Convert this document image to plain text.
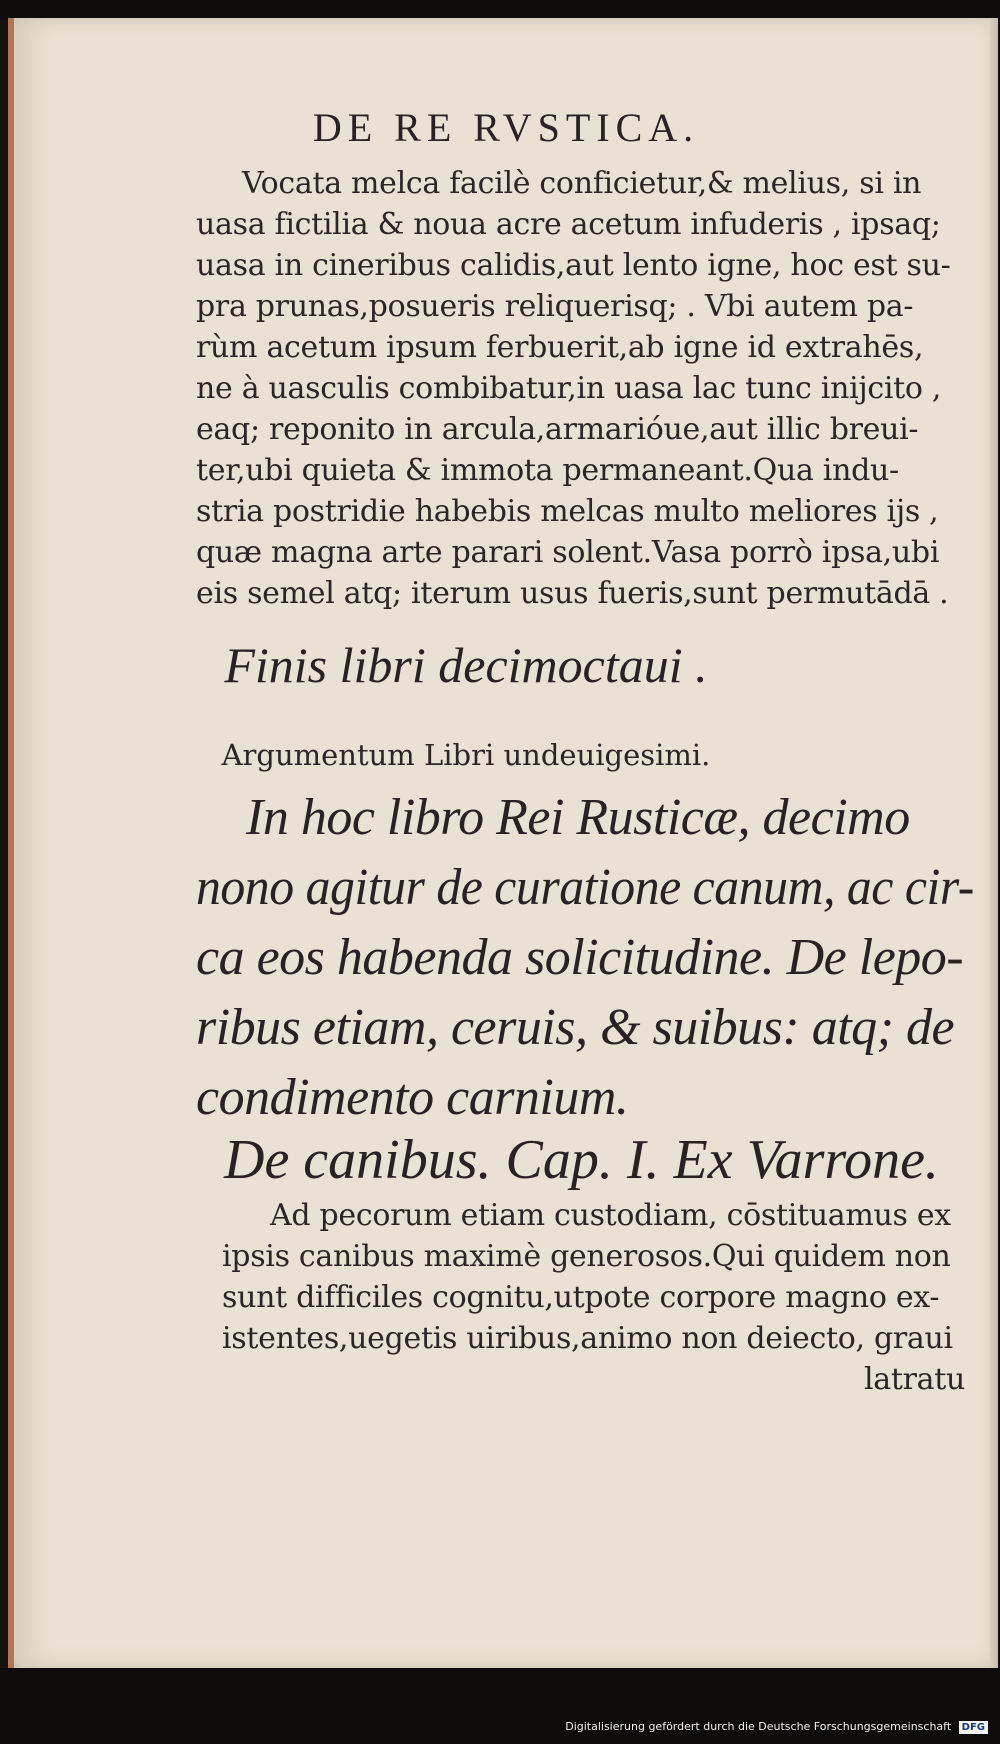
DE RE RVSTICA.
Vocata melca facilè conficietur,& melius, si in
uasa fictilia & noua acre acetum infuderis , ipsaq;
uasa in cineribus calidis,aut lento igne, hoc est su-
pra prunas,posueris reliquerisq; . Vbi autem pa-
rùm acetum ipsum ferbuerit,ab igne id extrahēs,
ne à uasculis combibatur,in uasa lac tunc inijcito ,
eaq; reponito in arcula,armarióue,aut illic breui-
ter,ubi quieta & immota permaneant.Qua indu-
stria postridie habebis melcas multo meliores ijs ,
quæ magna arte parari solent.Vasa porrò ipsa,ubi
eis semel atq; iterum usus fueris,sunt permutādā .
Finis libri decimoctaui .
Argumentum Libri undeuigesimi.
In hoc libro Rei Rusticæ, decimo
nono agitur de curatione canum, ac cir-
ca eos habenda solicitudine. De lepo-
ribus etiam, ceruis, & suibus: atq; de
condimento carnium.
De canibus. Cap. I. Ex Varrone.
Ad pecorum etiam custodiam, cōstituamus ex
ipsis canibus maximè generosos.Qui quidem non
sunt difficiles cognitu,utpote corpore magno ex-
istentes,uegetis uiribus,animo non deiecto, graui
latratu
Digitalisierung gefördert durch die Deutsche Forschungsgemeinschaft DFG
